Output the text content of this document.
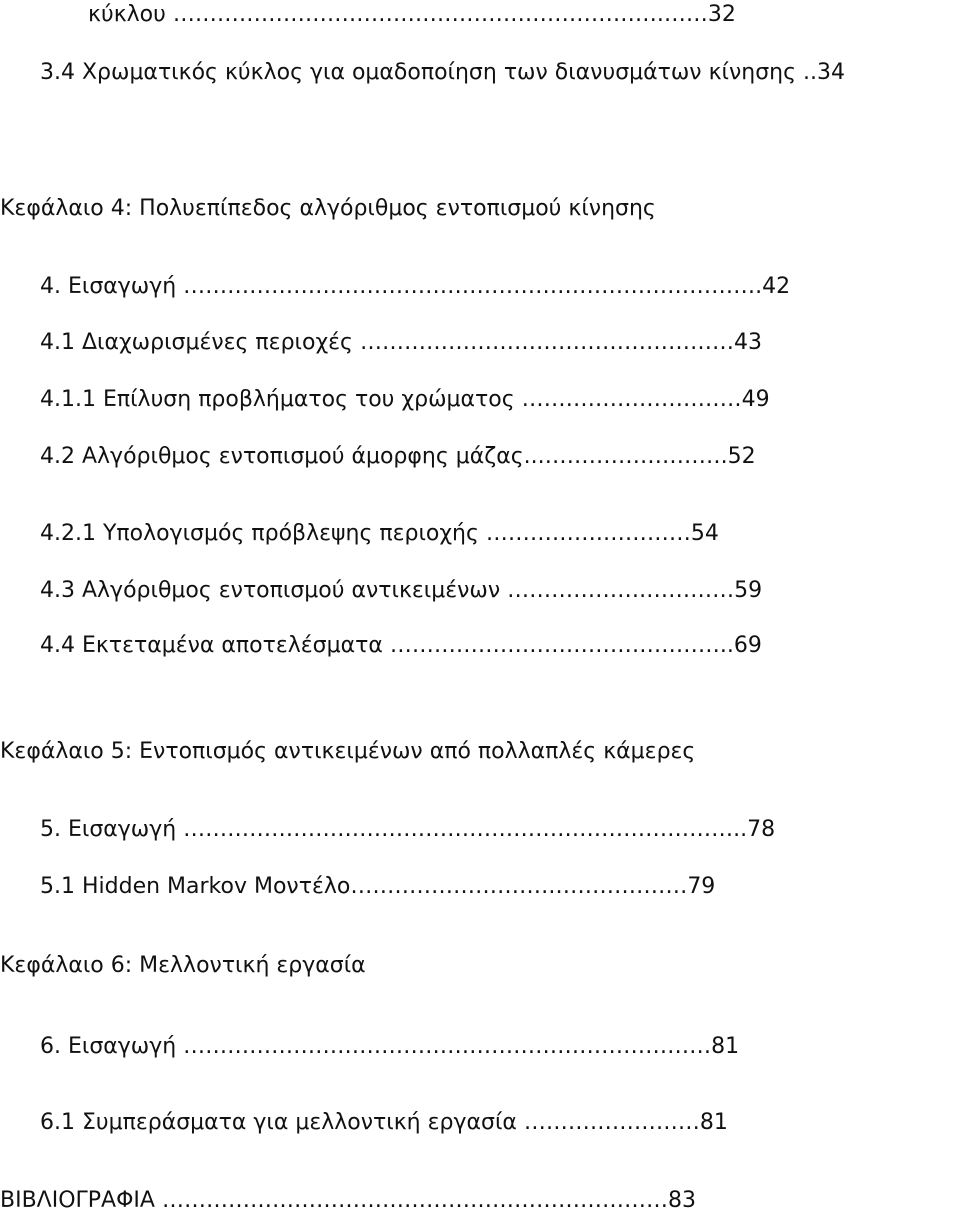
κύκλου ………………………………………………………….……32
3.4 Χρωματικός κύκλος για ομαδοποίηση των διανυσμάτων κίνησης ..34
Κεφάλαιο 4: Πολυεπίπεδος αλγόριθμος εντοπισμού κίνησης
4. Εισαγωγή …………………………………………………………………….42
4.1 Διαχωρισμένες περιοχές ……………………………………………43
4.1.1 Επίλυση προβλήματος του χρώματος …………………………49
4.2 Αλγόριθμος εντοπισμού άμορφης μάζας...…………………….52
4.2.1 Υπολογισμός πρόβλεψης περιοχής …………….…………54
4.3 Αλγόριθμος εντοπισμού αντικειμένων ……………….…………59
4.4 Εκτεταμένα αποτελέσματα ………………………………………..69
Κεφάλαιο 5: Εντοπισμός αντικειμένων από πολλαπλές κάμερες
5. Εισαγωγή …………………………………………………………………..78
5.1 Hidden Markov Μοντέλο……………………….………………79
Κεφάλαιο 6: Μελλοντική εργασία
6. Εισαγωγή ………………………………………………………………81
6.1 Συμπεράσματα για μελλοντική εργασία ……………………81
ΒΙΒΛΙΟΓΡΑΦΙΑ ……………………………………………………………83
